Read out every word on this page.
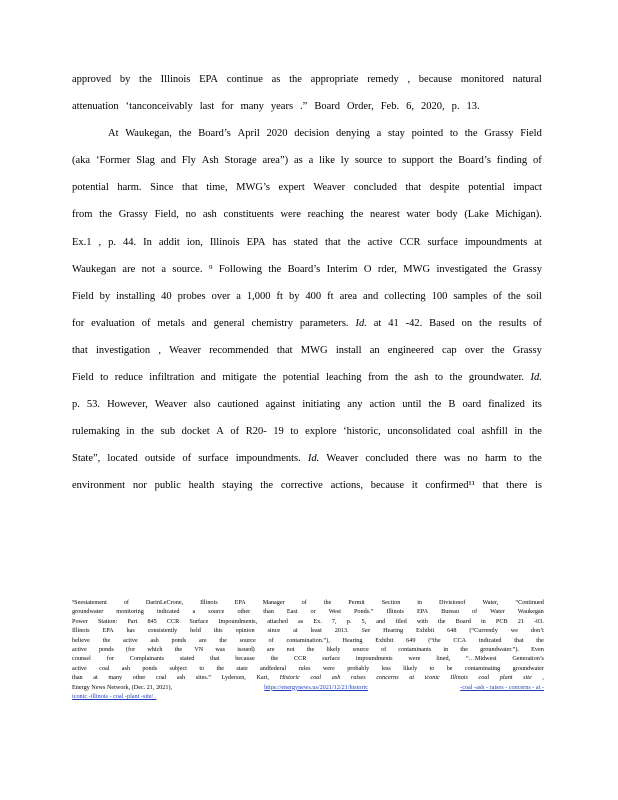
approved by the Illinois EPA continue as the appropriate remedy , because monitored natural
attenuation ‘tanconceivably last for many years .” Board Order, Feb. 6, 2020, p. 13.
At Waukegan, the Board’s April 2020 decision denying a stay pointed to the Grassy Field
(aka ‘Former Slag and Fly Ash Storage area”) as a like ly source to support the Board’s finding of
potential harm. Since that time, MWG’s expert Weaver concluded that despite potential impact
from the Grassy Field, no ash constituents were reaching the nearest water body (Lake Michigan).
Ex.1 , p. 44. In addit ion, Illinois EPA has stated that the active CCR surface impoundments at
Waukegan are not a source. ⁹ Following the Board’s Interim O rder, MWG investigated the Grassy
Field by installing 40 probes over a 1,000 ft by 400 ft area and collecting 100 samples of the soil
for evaluation of metals and general chemistry parameters. Id. at 41 -42. Based on the results of
that investigation , Weaver recommended that MWG install an engineered cap over the Grassy
Field to reduce infiltration and mitigate the potential leaching from the ash to the groundwater. Id.
p. 53. However, Weaver also cautioned against initiating any action until the B oard finalized its
rulemaking in the sub docket A of R20- 19 to explore ‘historic, unconsolidated coal ashfill in the
State”, located outside of surface impoundments. Id. Weaver concluded there was no harm to the
environment nor public health staying the corrective actions, because it confirmed¹¹ that there is
⁹Seestatement	of	DarinLeCrone,	Illinois	EPA	Manager	of	the	Permit	Section	in	Divisionof	Water,	“Continued
groundwater monitoring indicated a source other than East or West Ponds.” Illinois EPA Bureau of Water Waukegan
Power Station: Part 845 CCR Surface Impoundments, attached as Ex. 7, p. 5, and filed with the Board in PCB 21 -03.
Illinois EPA has consistently held this opinion since at least 2013. See Hearing Exhibit 648 (“Currently we don’t
believe the active ash ponds are the source of contamination.”), Hearing Exhibit 649 (“the CCA indicated that the
active ponds (for which the VN was issued) are not the likely source of contaminants in the groundwater.”). Even
counsel	for	Complainants	stated	that	because	the	CCR	surface	impoundments	were	lined,	“…Midwest	Generation’s
active coal ash ponds subject to the state andfederal rules were probably less likely to be contaminating groundwater
than at many other coal ash sites.” Lydersen, Kari, Historic coal ash raises concerns at iconic Illinois coal plant site ,
Energy News Network, (Dec. 21, 2021),	https://energynews.us/2021/12/21/historic	-coal -ash - raises - concerns - at -
iconic -illinois - coal -plant -site/ .
